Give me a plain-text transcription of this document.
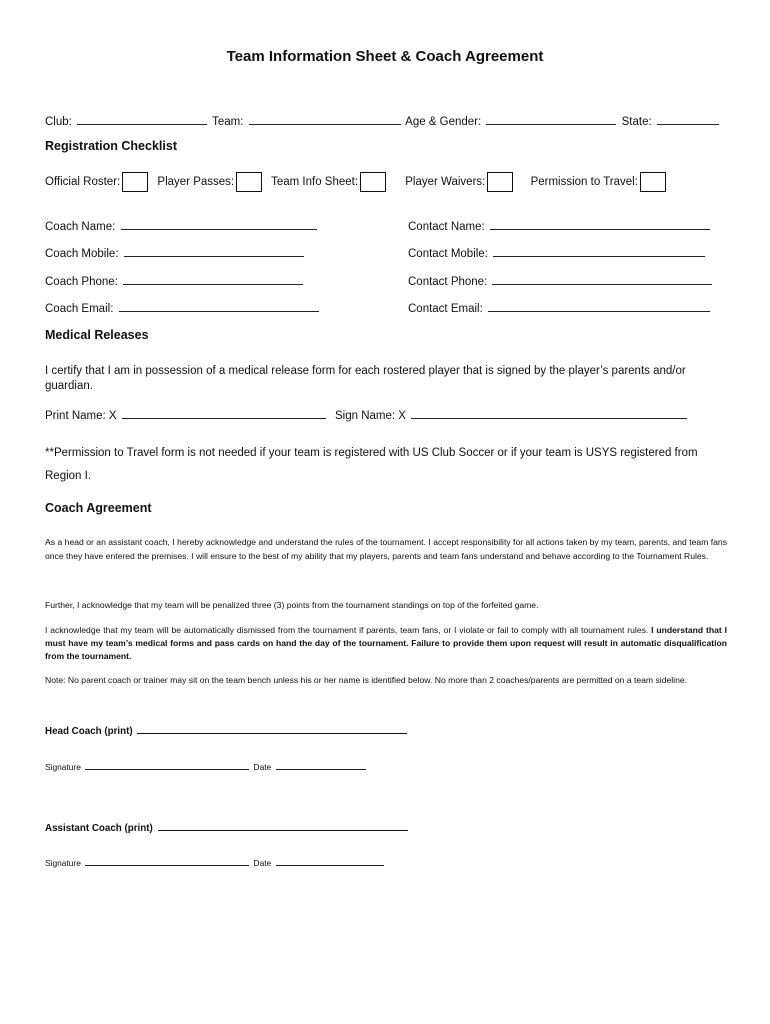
Team Information Sheet & Coach Agreement
Club:	Team:	Age & Gender:	State:
Registration Checklist
Official Roster:	Player Passes:	Team Info Sheet:	Player Waivers:	Permission to Travel:
Coach Name:	Contact Name:
Coach Mobile:	Contact Mobile:
Coach Phone:	Contact Phone:
Coach Email:	Contact Email:
Medical Releases
I certify that I am in possession of a medical release form for each rostered player that is signed by the player’s parents and/or guardian.
Print Name: X	Sign Name: X
**Permission to Travel form is not needed if your team is registered with US Club Soccer or if your team is USYS registered from Region I.
Coach Agreement
As a head or an assistant coach, I hereby acknowledge and understand the rules of the tournament. I accept responsibility for all actions taken by my team, parents, and team fans once they have entered the premises. I will ensure to the best of my ability that my players, parents and team fans understand and behave according to the Tournament Rules.
Further, I acknowledge that my team will be penalized three (3) points from the tournament standings on top of the forfeited game.
I acknowledge that my team will be automatically dismissed from the tournament if parents, team fans, or I violate or fail to comply with all tournament rules. I understand that I must have my team’s medical forms and pass cards on hand the day of the tournament. Failure to provide them upon request will result in automatic disqualification from the tournament.
Note: No parent coach or trainer may sit on the team bench unless his or her name is identified below. No more than 2 coaches/parents are permitted on a team sideline.
Head Coach (print)
Signature	Date
Assistant Coach (print)
Signature	Date
